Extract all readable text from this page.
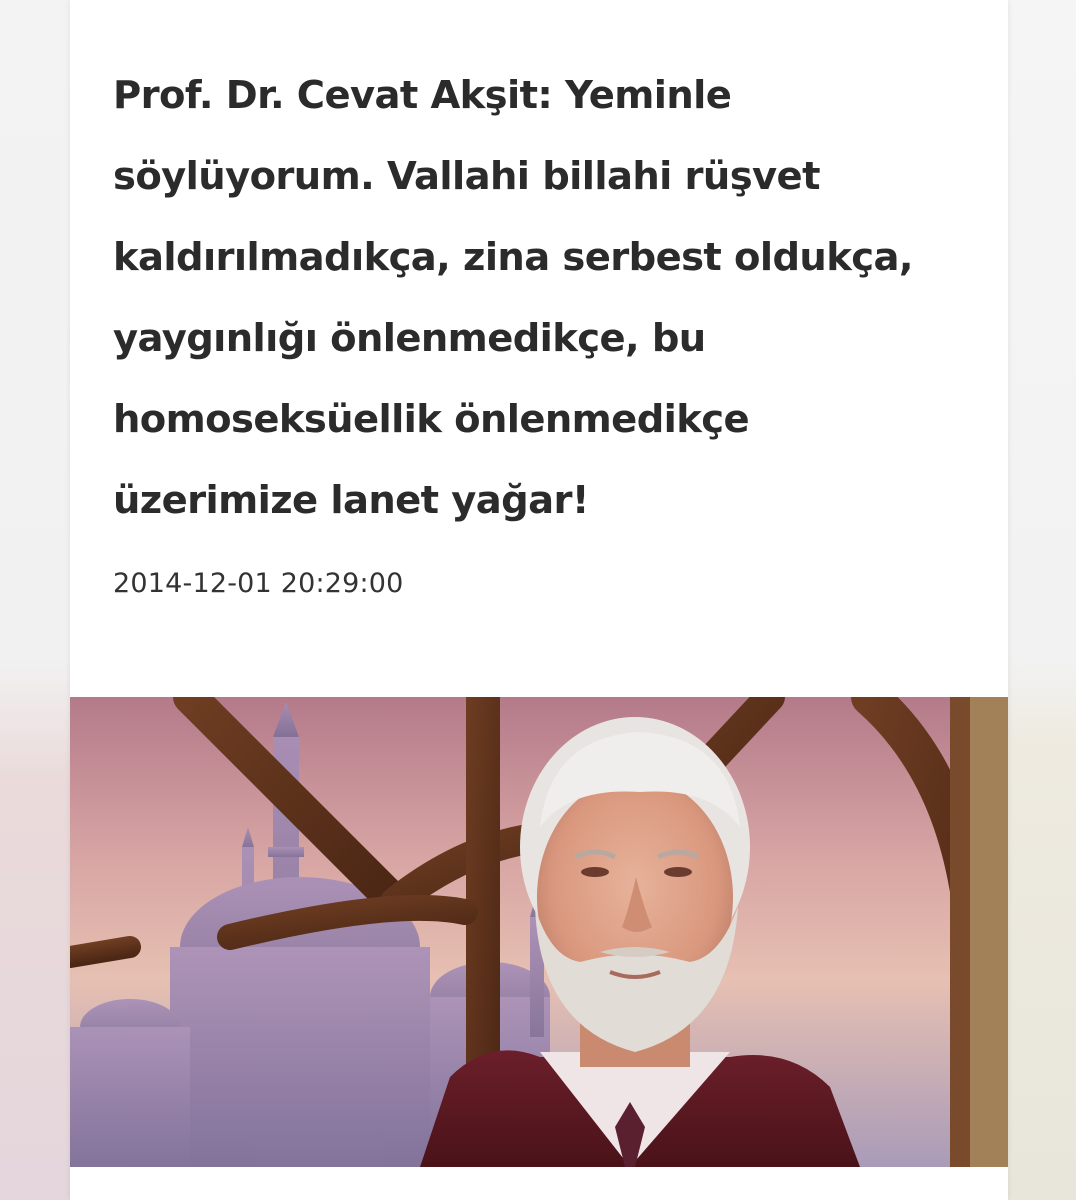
Prof. Dr. Cevat Akşit: Yeminle
söylüyorum. Vallahi billahi rüşvet
kaldırılmadıkça, zina serbest oldukça,
yaygınlığı önlenmedikçe, bu
homoseksüellik önlenmedikçe
üzerimize lanet yağar!
2014-12-01 20:29:00
